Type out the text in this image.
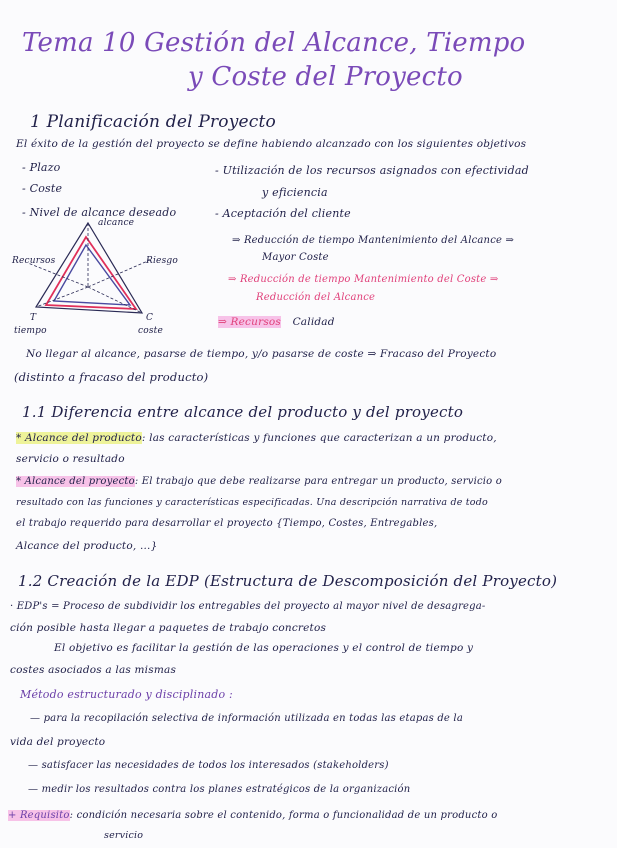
Tema 10 Gestión del Alcance, Tiempo
y Coste del Proyecto
1 Planificación del Proyecto
El éxito de la gestión del proyecto se define habiendo alcanzado con los siguientes objetivos
- Plazo
- Coste
- Nivel de alcance deseado
- Utilización de los recursos asignados con efectividad
y eficiencia
- Aceptación del cliente
alcance
Recursos	Riesgo
T	C
tiempo	coste
⇒ Reducción de tiempo Mantenimiento del Alcance ⇒
Mayor Coste
⇒ Reducción de tiempo Mantenimiento del Coste ⇒
Reducción del Alcance
⇒ Recursos Calidad
No llegar al alcance, pasarse de tiempo, y/o pasarse de coste ⇒ Fracaso del Proyecto
(distinto a fracaso del producto)
1.1 Diferencia entre alcance del producto y del proyecto
* Alcance del producto: las características y funciones que caracterizan a un producto,
servicio o resultado
* Alcance del proyecto: El trabajo que debe realizarse para entregar un producto, servicio o
resultado con las funciones y características especificadas. Una descripción narrativa de todo
el trabajo requerido para desarrollar el proyecto {Tiempo, Costes, Entregables,
Alcance del producto, ...}
1.2 Creación de la EDP (Estructura de Descomposición del Proyecto)
· EDP's = Proceso de subdividir los entregables del proyecto al mayor nivel de desagrega-
ción posible hasta llegar a paquetes de trabajo concretos
El objetivo es facilitar la gestión de las operaciones y el control de tiempo y
costes asociados a las mismas
Método estructurado y disciplinado :
— para la recopilación selectiva de información utilizada en todas las etapas de la
vida del proyecto
— satisfacer las necesidades de todos los interesados (stakeholders)
— medir los resultados contra los planes estratégicos de la organización
+ Requisito: condición necesaria sobre el contenido, forma o funcionalidad de un producto o
servicio
